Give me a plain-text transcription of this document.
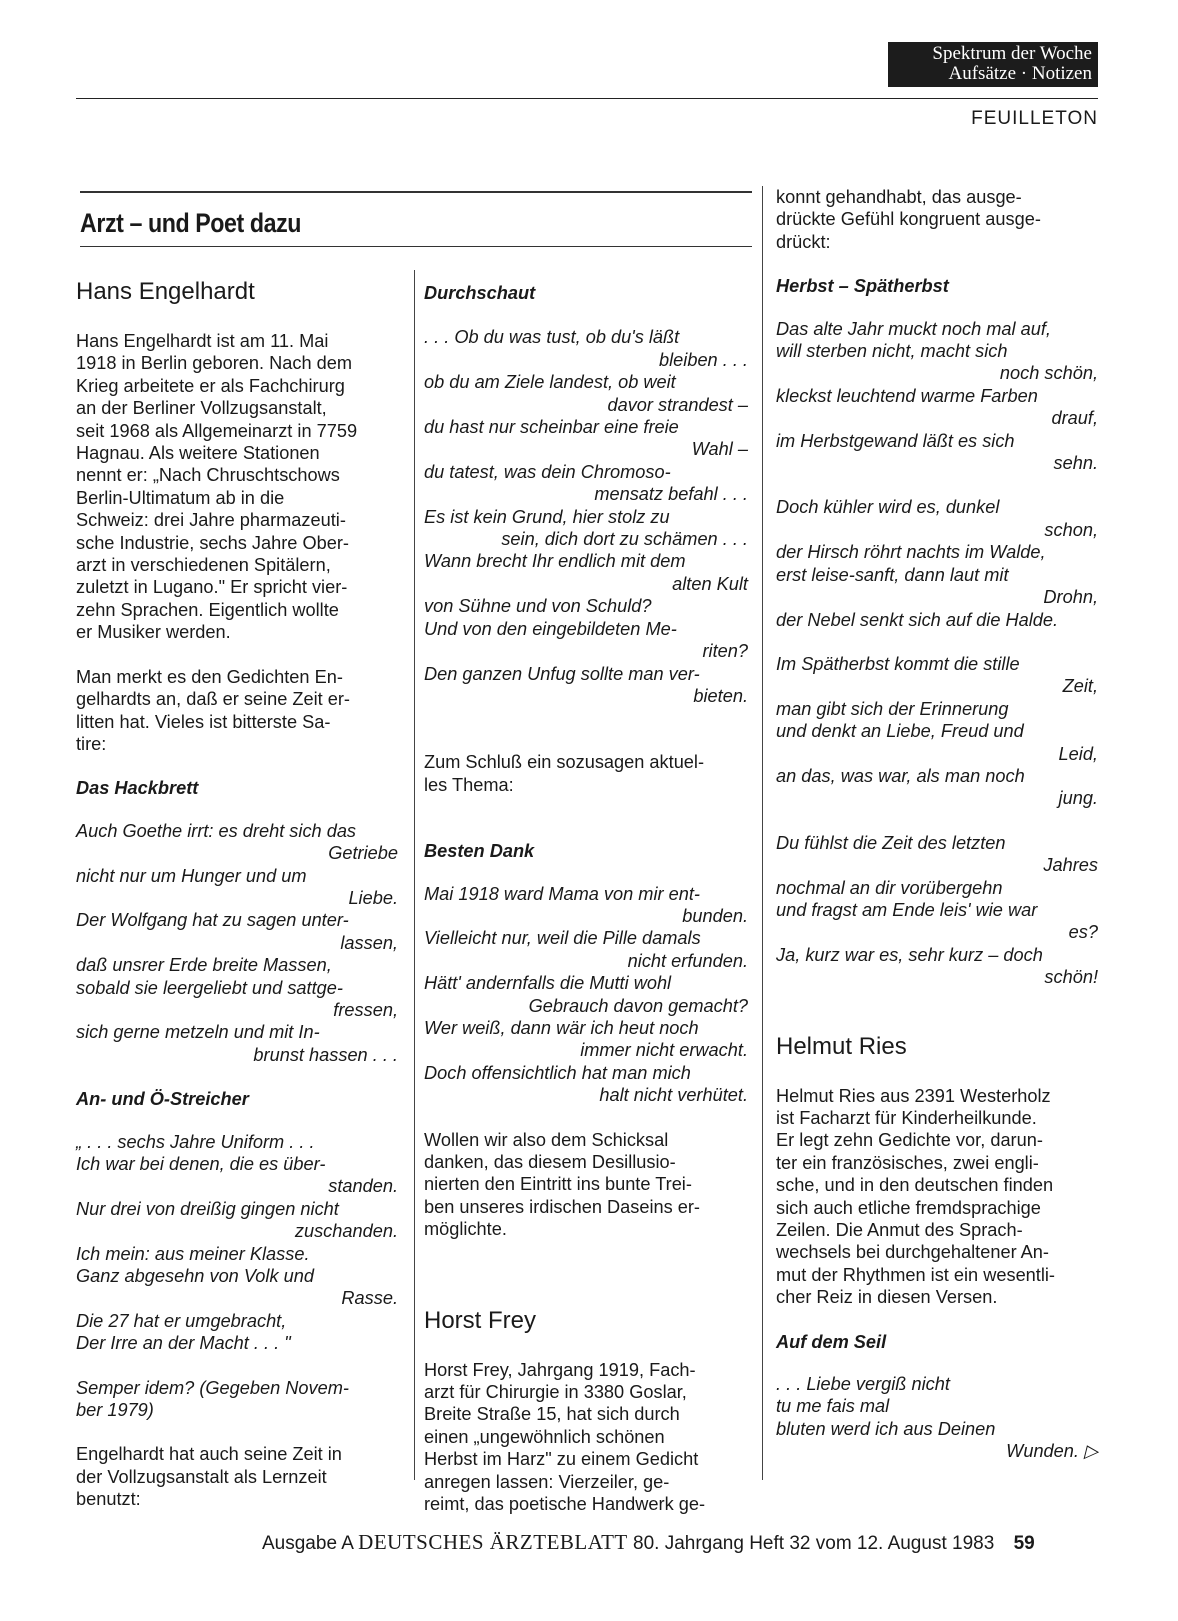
Spektrum der Woche
Aufsätze · Notizen
FEUILLETON
Arzt – und Poet dazu
Hans Engelhardt
Hans Engelhardt ist am 11. Mai
1918 in Berlin geboren. Nach dem
Krieg arbeitete er als Fachchirurg
an der Berliner Vollzugsanstalt,
seit 1968 als Allgemeinarzt in 7759
Hagnau. Als weitere Stationen
nennt er: „Nach Chruschtschows
Berlin-Ultimatum ab in die
Schweiz: drei Jahre pharmazeuti-
sche Industrie, sechs Jahre Ober-
arzt in verschiedenen Spitälern,
zuletzt in Lugano." Er spricht vier-
zehn Sprachen. Eigentlich wollte
er Musiker werden.
Man merkt es den Gedichten En-
gelhardts an, daß er seine Zeit er-
litten hat. Vieles ist bitterste Sa-
tire:
Das Hackbrett
Auch Goethe irrt: es dreht sich das
Getriebe
nicht nur um Hunger und um
Liebe.
Der Wolfgang hat zu sagen unter-
lassen,
daß unsrer Erde breite Massen,
sobald sie leergeliebt und sattge-
fressen,
sich gerne metzeln und mit In-
brunst hassen . . .
An- und Ö-Streicher
„ . . . sechs Jahre Uniform . . .
Ich war bei denen, die es über-
standen.
Nur drei von dreißig gingen nicht
zuschanden.
Ich mein: aus meiner Klasse.
Ganz abgesehn von Volk und
Rasse.
Die 27 hat er umgebracht,
Der Irre an der Macht . . . "
Semper idem? (Gegeben Novem-
ber 1979)
Engelhardt hat auch seine Zeit in
der Vollzugsanstalt als Lernzeit
benutzt:
Durchschaut
. . . Ob du was tust, ob du's läßt
bleiben . . .
ob du am Ziele landest, ob weit
davor strandest –
du hast nur scheinbar eine freie
Wahl –
du tatest, was dein Chromoso-
mensatz befahl . . .
Es ist kein Grund, hier stolz zu
sein, dich dort zu schämen . . .
Wann brecht Ihr endlich mit dem
alten Kult
von Sühne und von Schuld?
Und von den eingebildeten Me-
riten?
Den ganzen Unfug sollte man ver-
bieten.
Zum Schluß ein sozusagen aktuel-
les Thema:
Besten Dank
Mai 1918 ward Mama von mir ent-
bunden.
Vielleicht nur, weil die Pille damals
nicht erfunden.
Hätt' andernfalls die Mutti wohl
Gebrauch davon gemacht?
Wer weiß, dann wär ich heut noch
immer nicht erwacht.
Doch offensichtlich hat man mich
halt nicht verhütet.
Wollen wir also dem Schicksal
danken, das diesem Desillusio-
nierten den Eintritt ins bunte Trei-
ben unseres irdischen Daseins er-
möglichte.
Horst Frey
Horst Frey, Jahrgang 1919, Fach-
arzt für Chirurgie in 3380 Goslar,
Breite Straße 15, hat sich durch
einen „ungewöhnlich schönen
Herbst im Harz" zu einem Gedicht
anregen lassen: Vierzeiler, ge-
reimt, das poetische Handwerk ge-
konnt gehandhabt, das ausge-
drückte Gefühl kongruent ausge-
drückt:
Herbst – Spätherbst
Das alte Jahr muckt noch mal auf,
will sterben nicht, macht sich
noch schön,
kleckst leuchtend warme Farben
drauf,
im Herbstgewand läßt es sich
sehn.
Doch kühler wird es, dunkel
schon,
der Hirsch röhrt nachts im Walde,
erst leise-sanft, dann laut mit
Drohn,
der Nebel senkt sich auf die Halde.
Im Spätherbst kommt die stille
Zeit,
man gibt sich der Erinnerung
und denkt an Liebe, Freud und
Leid,
an das, was war, als man noch
jung.
Du fühlst die Zeit des letzten
Jahres
nochmal an dir vorübergehn
und fragst am Ende leis' wie war
es?
Ja, kurz war es, sehr kurz – doch
schön!
Helmut Ries
Helmut Ries aus 2391 Westerholz
ist Facharzt für Kinderheilkunde.
Er legt zehn Gedichte vor, darun-
ter ein französisches, zwei engli-
sche, und in den deutschen finden
sich auch etliche fremdsprachige
Zeilen. Die Anmut des Sprach-
wechsels bei durchgehaltener An-
mut der Rhythmen ist ein wesentli-
cher Reiz in diesen Versen.
Auf dem Seil
. . . Liebe vergiß nicht
tu me fais mal
bluten werd ich aus Deinen
Wunden. ▷
Ausgabe A DEUTSCHES ÄRZTEBLATT 80. Jahrgang Heft 32 vom 12. August 1983 59
